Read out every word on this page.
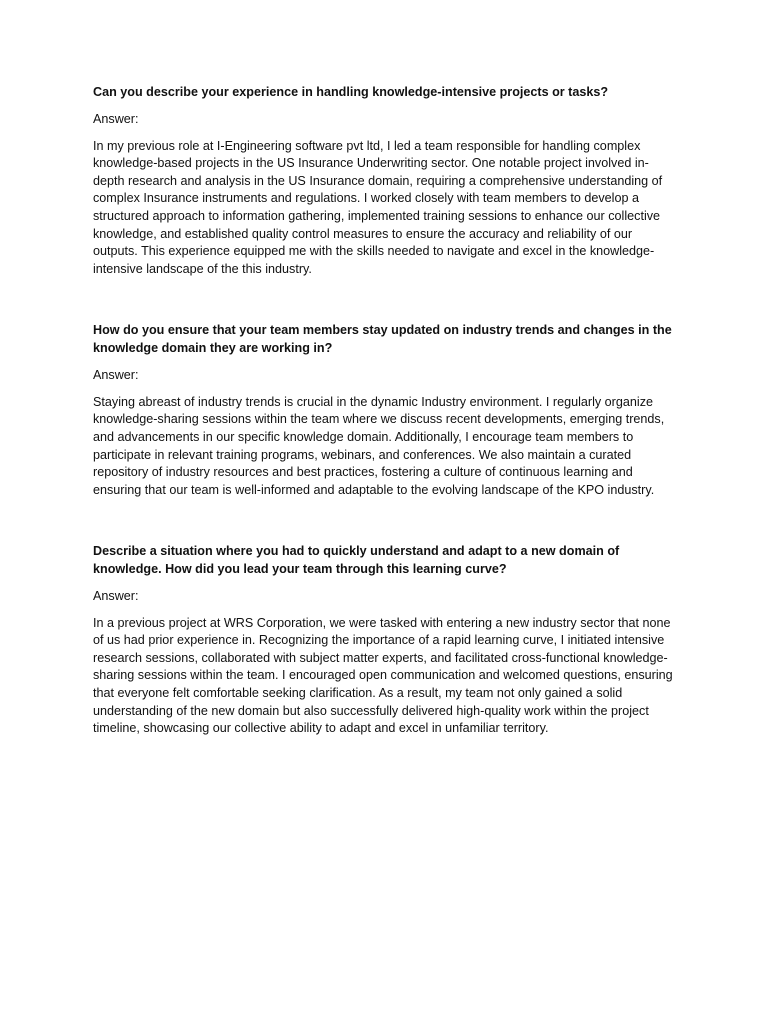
Can you describe your experience in handling knowledge-intensive projects or tasks?

Answer:

In my previous role at I-Engineering software pvt ltd, I led a team responsible for handling complex knowledge-based projects in the US Insurance Underwriting sector. One notable project involved in-depth research and analysis in the US Insurance domain, requiring a comprehensive understanding of complex Insurance instruments and regulations. I worked closely with team members to develop a structured approach to information gathering, implemented training sessions to enhance our collective knowledge, and established quality control measures to ensure the accuracy and reliability of our outputs. This experience equipped me with the skills needed to navigate and excel in the knowledge-intensive landscape of the this industry.

How do you ensure that your team members stay updated on industry trends and changes in the knowledge domain they are working in?

Answer:

Staying abreast of industry trends is crucial in the dynamic Industry environment. I regularly organize knowledge-sharing sessions within the team where we discuss recent developments, emerging trends, and advancements in our specific knowledge domain. Additionally, I encourage team members to participate in relevant training programs, webinars, and conferences. We also maintain a curated repository of industry resources and best practices, fostering a culture of continuous learning and ensuring that our team is well-informed and adaptable to the evolving landscape of the KPO industry.

Describe a situation where you had to quickly understand and adapt to a new domain of knowledge. How did you lead your team through this learning curve?

Answer:

In a previous project at WRS Corporation, we were tasked with entering a new industry sector that none of us had prior experience in. Recognizing the importance of a rapid learning curve, I initiated intensive research sessions, collaborated with subject matter experts, and facilitated cross-functional knowledge-sharing sessions within the team. I encouraged open communication and welcomed questions, ensuring that everyone felt comfortable seeking clarification. As a result, my team not only gained a solid understanding of the new domain but also successfully delivered high-quality work within the project timeline, showcasing our collective ability to adapt and excel in unfamiliar territory.
